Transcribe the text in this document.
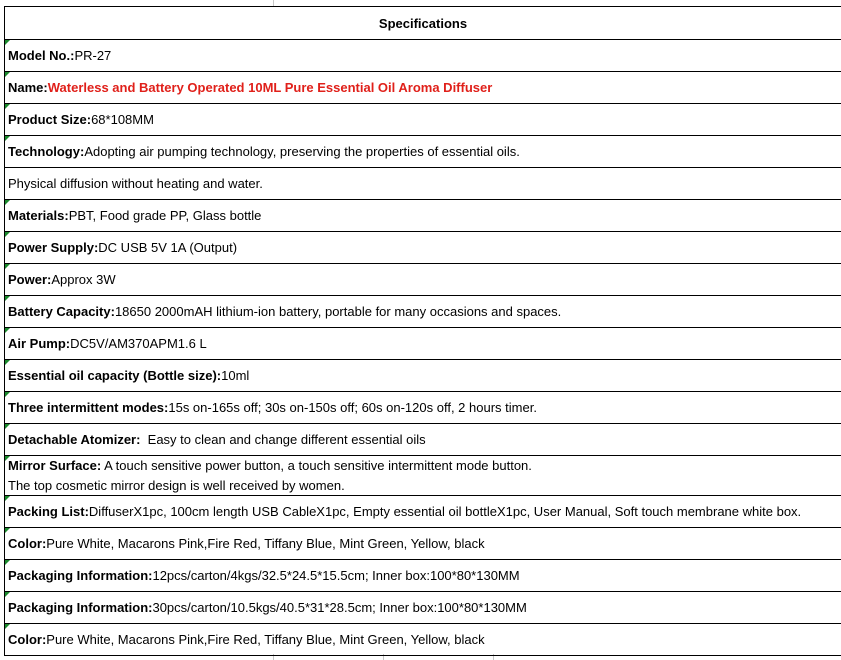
Specifications
Model No.: PR-27
Name: Waterless and Battery Operated 10ML Pure Essential Oil Aroma Diffuser
Product Size: 68*108MM
Technology: Adopting air pumping technology, preserving the properties of essential oils.
Physical diffusion without heating and water.
Materials: PBT, Food grade PP, Glass bottle
Power Supply: DC USB 5V 1A (Output)
Power: Approx 3W
Battery Capacity: 18650 2000mAH lithium-ion battery, portable for many occasions and spaces.
Air Pump: DC5V/AM370APM1.6 L
Essential oil capacity (Bottle size): 10ml
Three intermittent modes: 15s on-165s off; 30s on-150s off; 60s on-120s off, 2 hours timer.
Detachable Atomizer: Easy to clean and change different essential oils
Mirror Surface: A touch sensitive power button, a touch sensitive intermittent mode button.
The top cosmetic mirror design is well received by women.
Packing List: DiffuserX1pc, 100cm length USB CableX1pc, Empty essential oil bottleX1pc, User Manual, Soft touch membrane white box.
Color: Pure White, Macarons Pink,Fire Red, Tiffany Blue, Mint Green, Yellow, black
Packaging Information: 12pcs/carton/4kgs/32.5*24.5*15.5cm; Inner box:100*80*130MM
Packaging Information: 30pcs/carton/10.5kgs/40.5*31*28.5cm; Inner box:100*80*130MM
Color: Pure White, Macarons Pink,Fire Red, Tiffany Blue, Mint Green, Yellow, black
